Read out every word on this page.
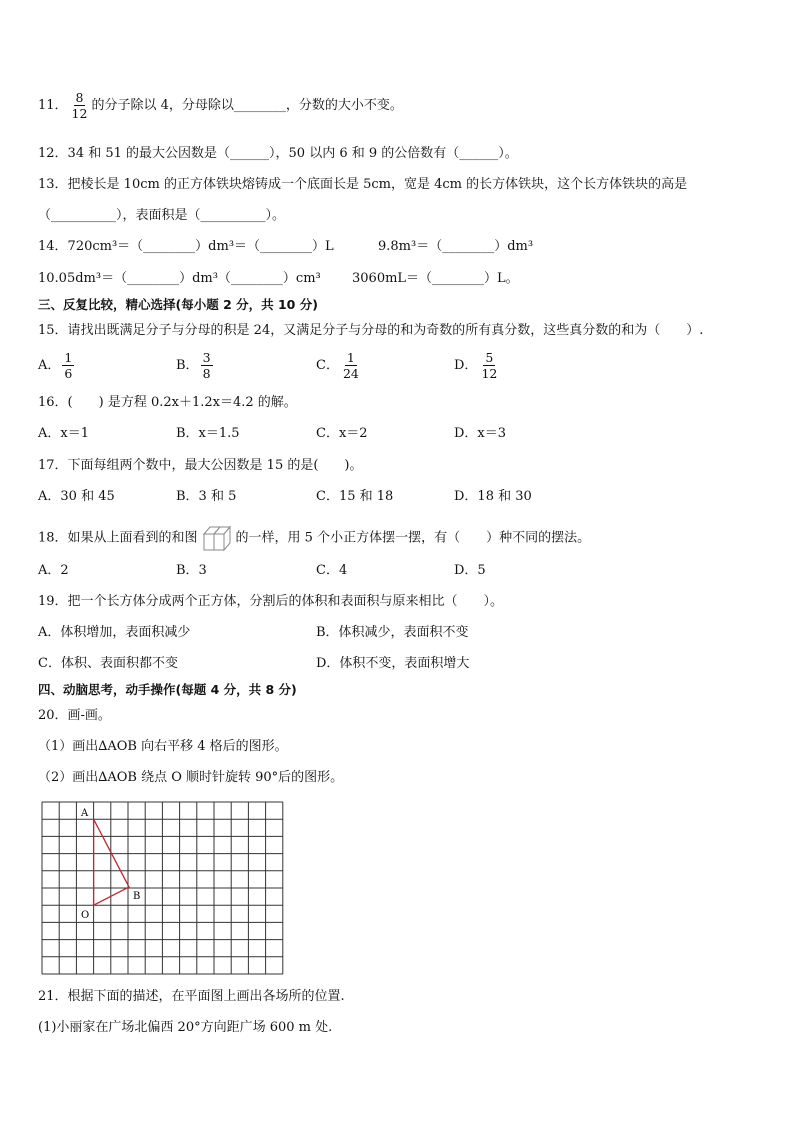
11． $\frac{8}{12}$ 的分子除以 4，分母除以________，分数的大小不变。
12．34 和 51 的最大公因数是（______），50 以内 6 和 9 的公倍数有（______）。
13．把棱长是 10cm 的正方体铁块熔铸成一个底面长是 5cm，宽是 4cm 的长方体铁块，这个长方体铁块的高是
（__________），表面积是（__________）。
14．720cm³＝（________）dm³＝（________）L	9.8m³＝（________）dm³
10.05dm³＝（________）dm³（________）cm³ 3060mL＝（________）L。
三、反复比较，精心选择(每小题 2 分，共 10 分)
15．请找出既满足分子与分母的积是 24，又满足分子与分母的和为奇数的所有真分数，这些真分数的和为（　　）.
A． $\frac{1}{6}$	B． $\frac{3}{8}$	C． $\frac{1}{24}$	D． $\frac{5}{12}$
16．(　　) 是方程 0.2x＋1.2x＝4.2 的解。
A．x＝1	B．x＝1.5	C．x＝2	D．x＝3
17．下面每组两个数中，最大公因数是 15 的是(　　)。
A．30 和 45	B．3 和 5	C．15 和 18	D．18 和 30
18．如果从上面看到的和图	的一样，用 5 个小正方体摆一摆，有（　　）种不同的摆法。
A．2	B．3	C．4	D．5
19．把一个长方体分成两个正方体，分割后的体积和表面积与原来相比（　　）。
A．体积增加，表面积减少	B．体积减少，表面积不变
C．体积、表面积都不变	D．体积不变，表面积增大
四、动脑思考，动手操作(每题 4 分，共 8 分)
20．画-画。
（1）画出∆AOB 向右平移 4 格后的图形。
（2）画出∆AOB 绕点 O 顺时针旋转 90°后的图形。
A
B
O
21．根据下面的描述，在平面图上画出各场所的位置.
(1)小丽家在广场北偏西 20°方向距广场 600 m 处.
